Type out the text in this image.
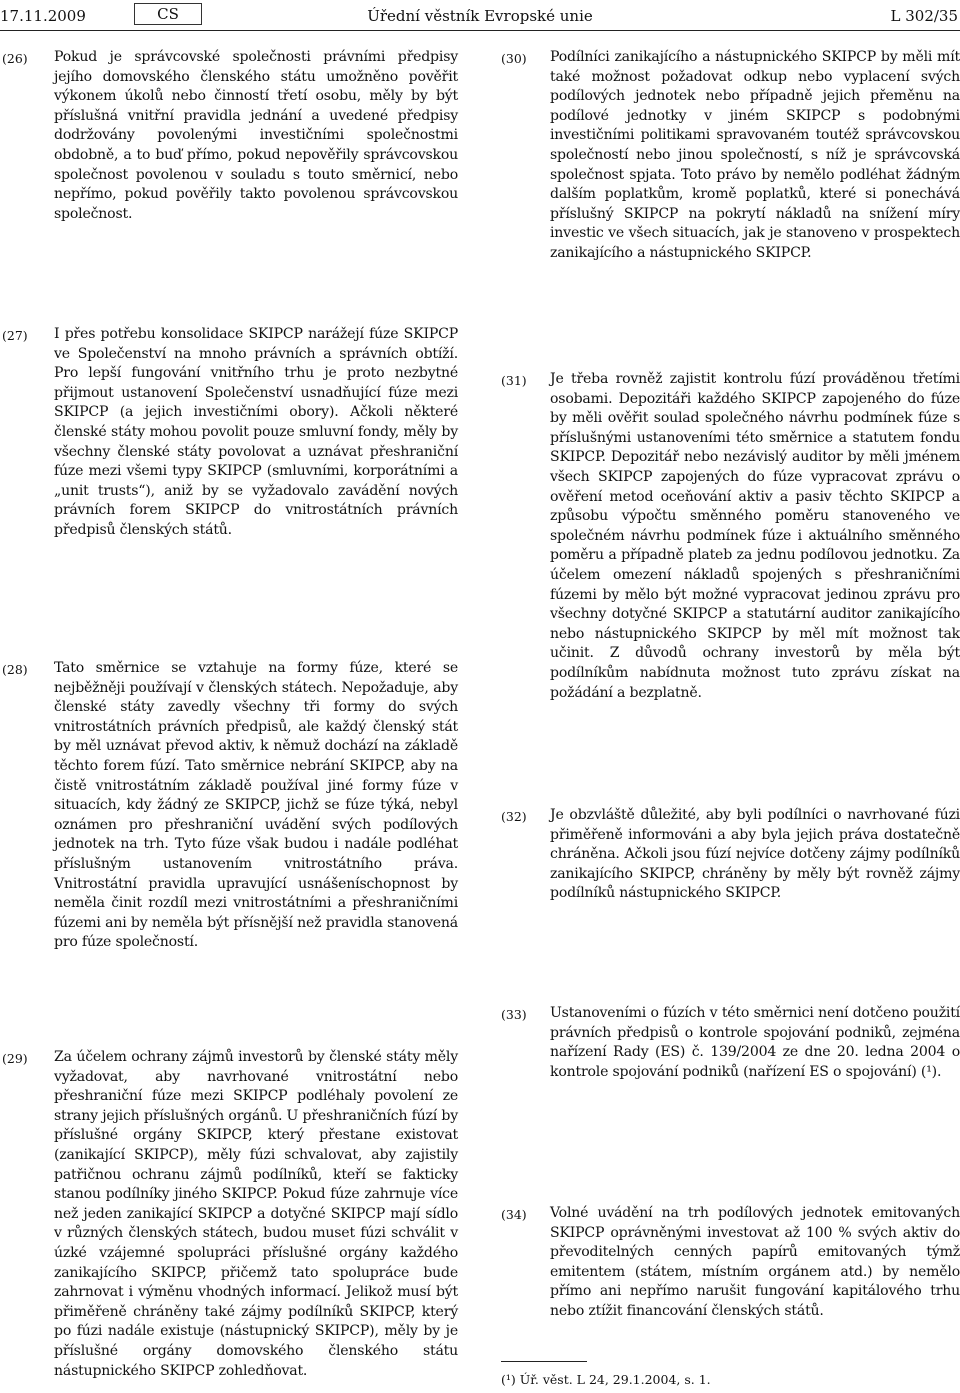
17.11.2009	CS	Úřední věstník Evropské unie	L 302/35
(26) Pokud je správcovské společnosti právními předpisy jejího domovského členského státu umožněno pověřit výkonem úkolů nebo činností třetí osobu, měly by být příslušná vnitřní pravidla jednání a uvedené předpisy dodržovány povolenými investičními společnostmi obdobně, a to buď přímo, pokud nepověřily správcovskou společnost povolenou v souladu s touto směrnicí, nebo nepřímo, pokud pověřily takto povolenou správcovskou společnost.
(27) I přes potřebu konsolidace SKIPCP narážejí fúze SKIPCP ve Společenství na mnoho právních a správních obtíží. Pro lepší fungování vnitřního trhu je proto nezbytné přijmout ustanovení Společenství usnadňující fúze mezi SKIPCP (a jejich investičními obory). Ačkoli některé členské státy mohou povolit pouze smluvní fondy, měly by všechny členské státy povolovat a uznávat přeshraniční fúze mezi všemi typy SKIPCP (smluvními, korporátními a „unit trusts“), aniž by se vyžadovalo zavádění nových právních forem SKIPCP do vnitrostátních právních předpisů členských států.
(28) Tato směrnice se vztahuje na formy fúze, které se nejběžněji používají v členských státech. Nepožaduje, aby členské státy zavedly všechny tři formy do svých vnitrostátních právních předpisů, ale každý členský stát by měl uznávat převod aktiv, k němuž dochází na základě těchto forem fúzí. Tato směrnice nebrání SKIPCP, aby na čistě vnitrostátním základě používal jiné formy fúze v situacích, kdy žádný ze SKIPCP, jichž se fúze týká, nebyl oznámen pro přeshraniční uvádění svých podílových jednotek na trh. Tyto fúze však budou i nadále podléhat příslušným ustanovením vnitrostátního práva. Vnitrostátní pravidla upravující usnášeníschopnost by neměla činit rozdíl mezi vnitrostátními a přeshraničními fúzemi ani by neměla být přísnější než pravidla stanovená pro fúze společností.
(29) Za účelem ochrany zájmů investorů by členské státy měly vyžadovat, aby navrhované vnitrostátní nebo přeshraniční fúze mezi SKIPCP podléhaly povolení ze strany jejich příslušných orgánů. U přeshraničních fúzí by příslušné orgány SKIPCP, který přestane existovat (zanikající SKIPCP), měly fúzi schvalovat, aby zajistily patřičnou ochranu zájmů podílníků, kteří se fakticky stanou podílníky jiného SKIPCP. Pokud fúze zahrnuje více než jeden zanikající SKIPCP a dotyčné SKIPCP mají sídlo v různých členských státech, budou muset fúzi schválit v úzké vzájemné spolupráci příslušné orgány každého zanikajícího SKIPCP, přičemž tato spolupráce bude zahrnovat i výměnu vhodných informací. Jelikož musí být přiměřeně chráněny také zájmy podílníků SKIPCP, který po fúzi nadále existuje (nástupnický SKIPCP), měly by je příslušné orgány domovského členského státu nástupnického SKIPCP zohledňovat.
(30) Podílníci zanikajícího a nástupnického SKIPCP by měli mít také možnost požadovat odkup nebo vyplacení svých podílových jednotek nebo případně jejich přeměnu na podílové jednotky v jiném SKIPCP s podobnými investičními politikami spravovaném toutéž správcovskou společností nebo jinou společností, s níž je správcovská společnost spjata. Toto právo by nemělo podléhat žádným dalším poplatkům, kromě poplatků, které si ponechává příslušný SKIPCP na pokrytí nákladů na snížení míry investic ve všech situacích, jak je stanoveno v prospektech zanikajícího a nástupnického SKIPCP.
(31) Je třeba rovněž zajistit kontrolu fúzí prováděnou třetími osobami. Depozitáři každého SKIPCP zapojeného do fúze by měli ověřit soulad společného návrhu podmínek fúze s příslušnými ustanoveními této směrnice a statutem fondu SKIPCP. Depozitář nebo nezávislý auditor by měli jménem všech SKIPCP zapojených do fúze vypracovat zprávu o ověření metod oceňování aktiv a pasiv těchto SKIPCP a způsobu výpočtu směnného poměru stanoveného ve společném návrhu podmínek fúze i aktuálního směnného poměru a případně plateb za jednu podílovou jednotku. Za účelem omezení nákladů spojených s přeshraničními fúzemi by mělo být možné vypracovat jedinou zprávu pro všechny dotyčné SKIPCP a statutární auditor zanikajícího nebo nástupnického SKIPCP by měl mít možnost tak učinit. Z důvodů ochrany investorů by měla být podílníkům nabídnuta možnost tuto zprávu získat na požádání a bezplatně.
(32) Je obzvláště důležité, aby byli podílníci o navrhované fúzi přiměřeně informováni a aby byla jejich práva dostatečně chráněna. Ačkoli jsou fúzí nejvíce dotčeny zájmy podílníků zanikajícího SKIPCP, chráněny by měly být rovněž zájmy podílníků nástupnického SKIPCP.
(33) Ustanoveními o fúzích v této směrnici není dotčeno použití právních předpisů o kontrole spojování podniků, zejména nařízení Rady (ES) č. 139/2004 ze dne 20. ledna 2004 o kontrole spojování podniků (nařízení ES o spojování) (¹).
(34) Volné uvádění na trh podílových jednotek emitovaných SKIPCP oprávněnými investovat až 100 % svých aktiv do převoditelných cenných papírů emitovaných týmž emitentem (státem, místním orgánem atd.) by nemělo přímo ani nepřímo narušit fungování kapitálového trhu nebo ztížit financování členských států.
(¹) Úř. věst. L 24, 29.1.2004, s. 1.
